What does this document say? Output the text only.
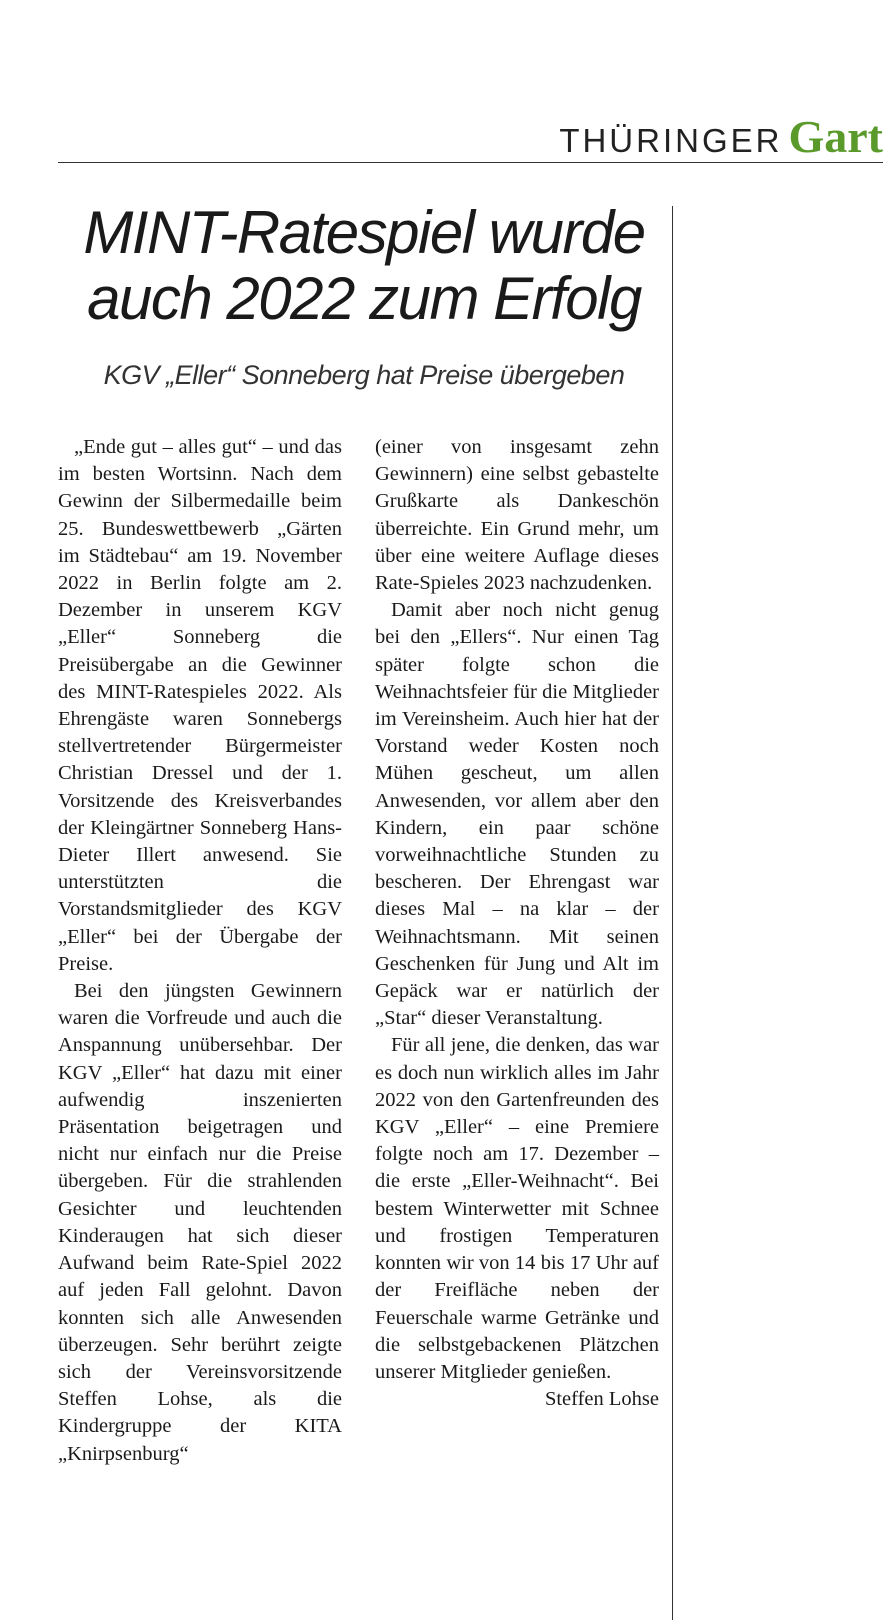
THÜRINGER Gart
MINT-Ratespiel wurde auch 2022 zum Erfolg
KGV „Eller“ Sonneberg hat Preise übergeben

„Ende gut – alles gut“ – und das im besten Wortsinn. Nach dem Gewinn der Silbermedaille beim 25. Bundeswettbewerb „Gärten im Städtebau“ am 19. November 2022 in Berlin folgte am 2. Dezember in unserem KGV „Eller“ Sonneberg die Preisübergabe an die Gewinner des MINT-Ratespieles 2022. Als Ehrengäste waren Sonnebergs stellvertretender Bürgermeister Christian Dressel und der 1. Vorsitzende des Kreisverbandes der Kleingärtner Sonneberg Hans-Dieter Illert anwesend. Sie unterstützten die Vorstandsmitglieder des KGV „Eller“ bei der Übergabe der Preise.

Bei den jüngsten Gewinnern waren die Vorfreude und auch die Anspannung unübersehbar. Der KGV „Eller“ hat dazu mit einer aufwendig inszenierten Präsentation beigetragen und nicht nur einfach nur die Preise übergeben. Für die strahlenden Gesichter und leuchtenden Kinderaugen hat sich dieser Aufwand beim Rate-Spiel 2022 auf jeden Fall gelohnt. Davon konnten sich alle Anwesenden überzeugen. Sehr berührt zeigte sich der Vereinsvorsitzende Steffen Lohse, als die Kindergruppe der KITA „Knirpsenburg“

(einer von insgesamt zehn Gewinnern) eine selbst gebastelte Grußkarte als Dankeschön überreichte. Ein Grund mehr, um über eine weitere Auflage dieses Rate-Spieles 2023 nachzudenken.

Damit aber noch nicht genug bei den „Ellers“. Nur einen Tag später folgte schon die Weihnachtsfeier für die Mitglieder im Vereinsheim. Auch hier hat der Vorstand weder Kosten noch Mühen gescheut, um allen Anwesenden, vor allem aber den Kindern, ein paar schöne vorweihnachtliche Stunden zu bescheren. Der Ehrengast war dieses Mal – na klar – der Weihnachtsmann. Mit seinen Geschenken für Jung und Alt im Gepäck war er natürlich der „Star“ dieser Veranstaltung.

Für all jene, die denken, das war es doch nun wirklich alles im Jahr 2022 von den Gartenfreunden des KGV „Eller“ – eine Premiere folgte noch am 17. Dezember – die erste „Eller-Weihnacht“. Bei bestem Winterwetter mit Schnee und frostigen Temperaturen konnten wir von 14 bis 17 Uhr auf der Freifläche neben der Feuerschale warme Getränke und die selbstgebackenen Plätzchen unserer Mitglieder genießen.

Steffen Lohse
